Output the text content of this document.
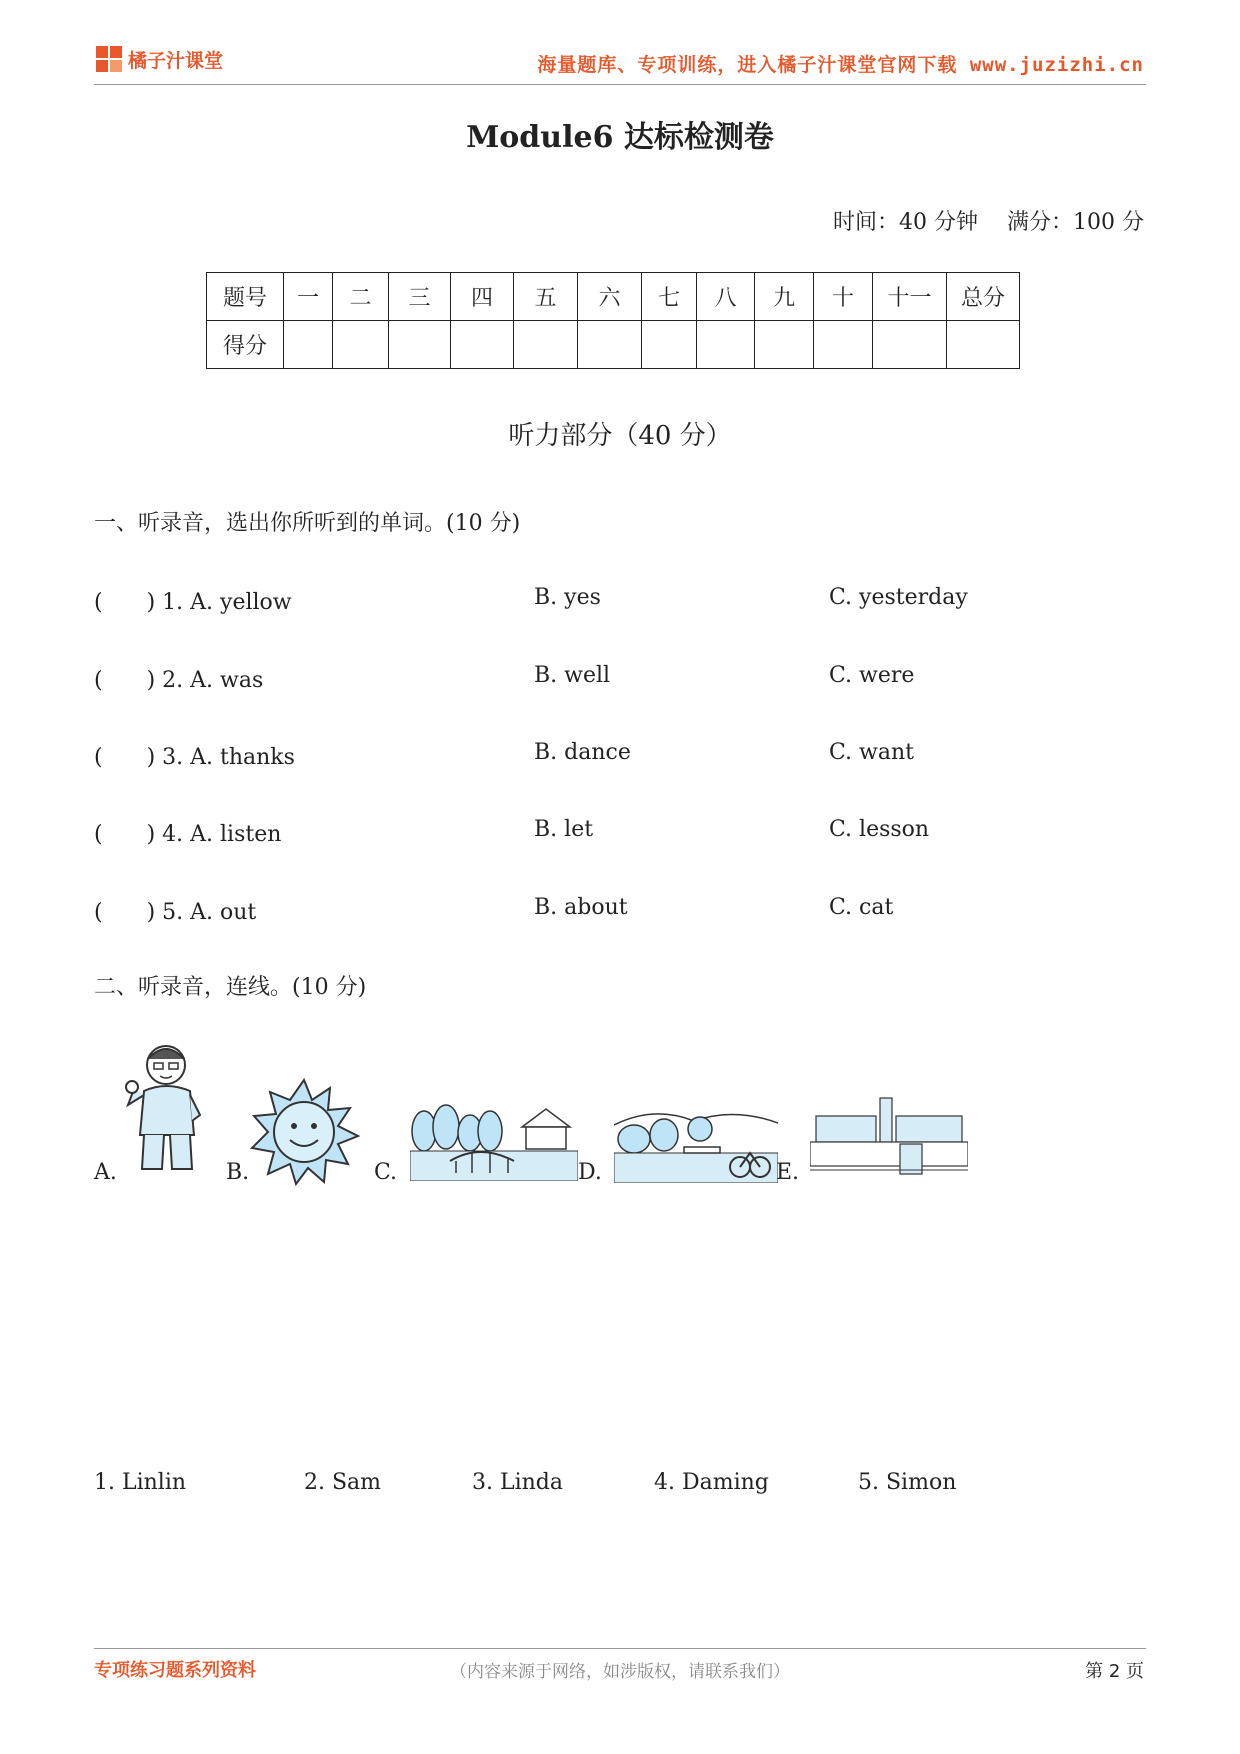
橘子汁课堂	海量题库、专项训练，进入橘子汁课堂官网下载 www.juzizhi.cn
Module6 达标检测卷
时间：40 分钟　 满分：100 分
题号	一	二	三	四	五	六	七	八	九	十	十一	总分
得分												
听力部分（40 分）
一、听录音，选出你所听到的单词。(10 分)
(　　) 1. A. yellow	B. yes	C. yesterday
(　　) 2. A. was	B. well	C. were
(　　) 3. A. thanks	B. dance	C. want
(　　) 4. A. listen	B. let	C. lesson
(　　) 5. A. out	B. about	C. cat
二、听录音，连线。(10 分)
A.	B.	C.	D.	E.
1. Linlin	2. Sam	3. Linda	4. Daming	5. Simon
专项练习题系列资料	（内容来源于网络，如涉版权，请联系我们）	第 2 页
